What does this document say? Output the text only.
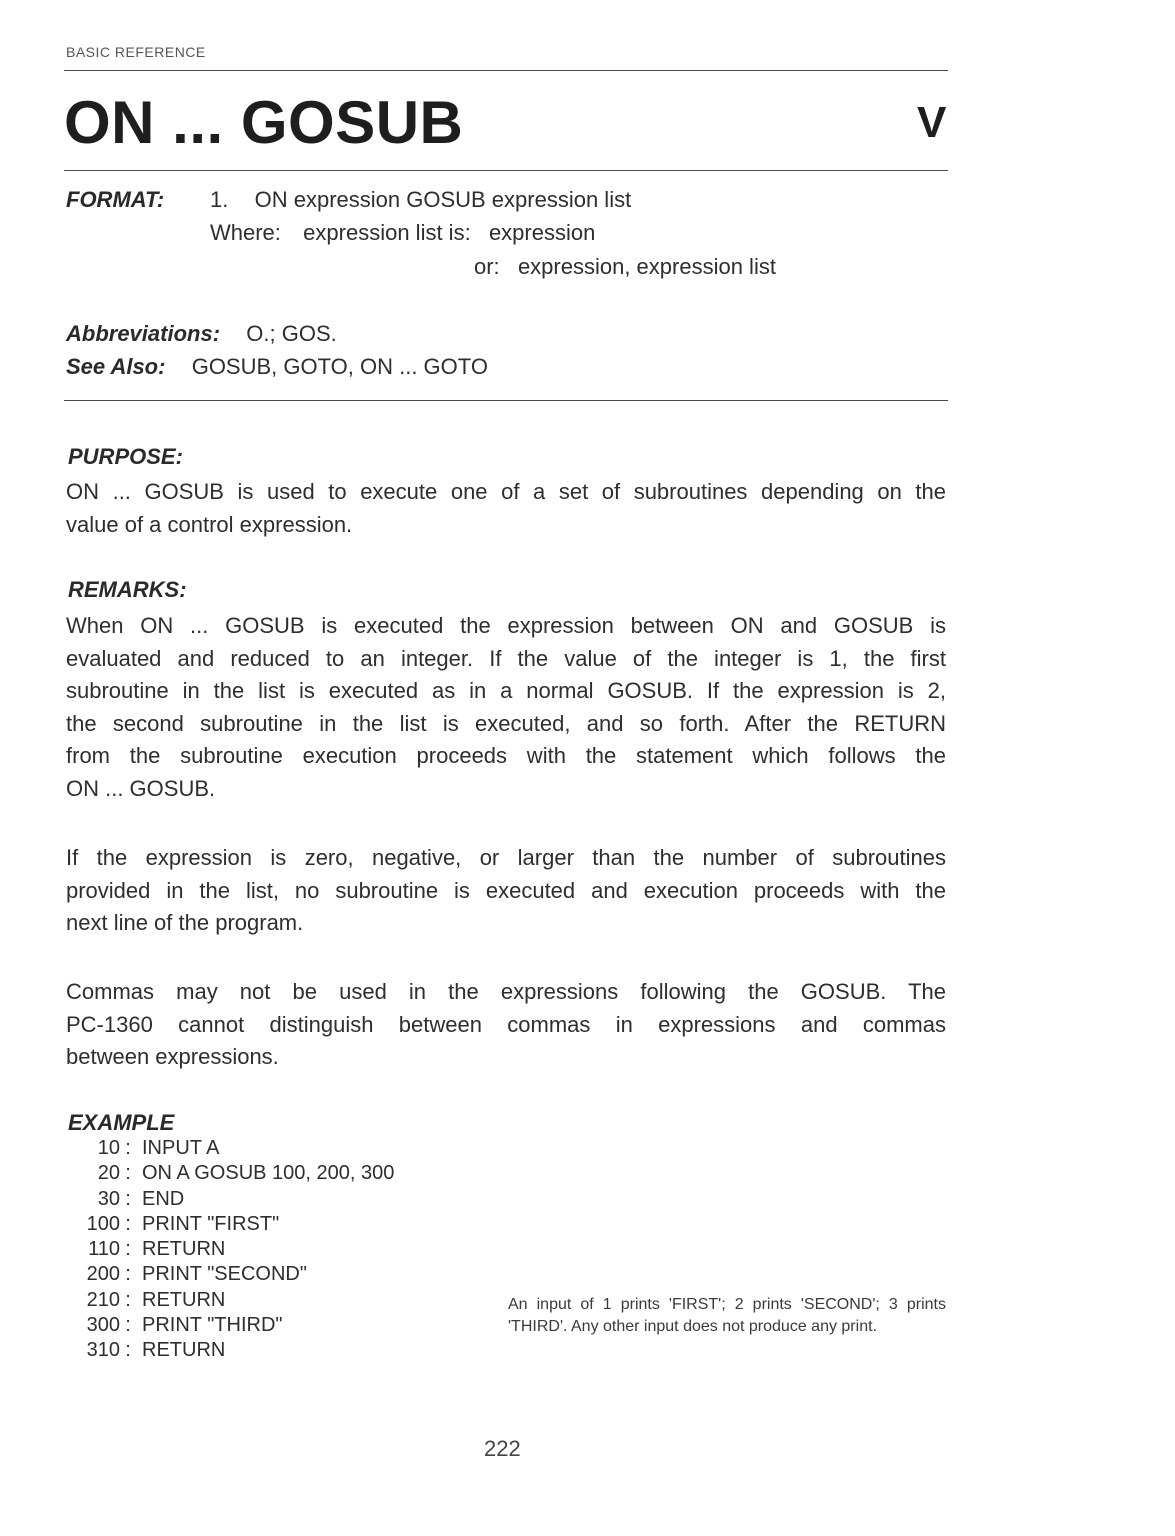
BASIC REFERENCE
ON ... GOSUB	V
FORMAT: 1. ON expression GOSUB expression list
Where: expression list is: expression
or: expression, expression list
Abbreviations: O.; GOS.
See Also: GOSUB, GOTO, ON ... GOTO
PURPOSE:
ON ... GOSUB is used to execute one of a set of subroutines depending on the
value of a control expression.
REMARKS:
When ON ... GOSUB is executed the expression between ON and GOSUB is
evaluated and reduced to an integer. If the value of the integer is 1, the first
subroutine in the list is executed as in a normal GOSUB. If the expression is 2,
the second subroutine in the list is executed, and so forth. After the RETURN
from the subroutine execution proceeds with the statement which follows the
ON ... GOSUB.
If the expression is zero, negative, or larger than the number of subroutines
provided in the list, no subroutine is executed and execution proceeds with the
next line of the program.
Commas may not be used in the expressions following the GOSUB. The
PC-1360 cannot distinguish between commas in expressions and commas
between expressions.
EXAMPLE
10 : INPUT A
20 : ON A GOSUB 100, 200, 300
30 : END
100 : PRINT "FIRST"
110 : RETURN
200 : PRINT "SECOND"
210 : RETURN
300 : PRINT "THIRD"
310 : RETURN
An input of 1 prints 'FIRST'; 2 prints 'SECOND'; 3 prints 'THIRD'. Any other input does not produce any print.
222
